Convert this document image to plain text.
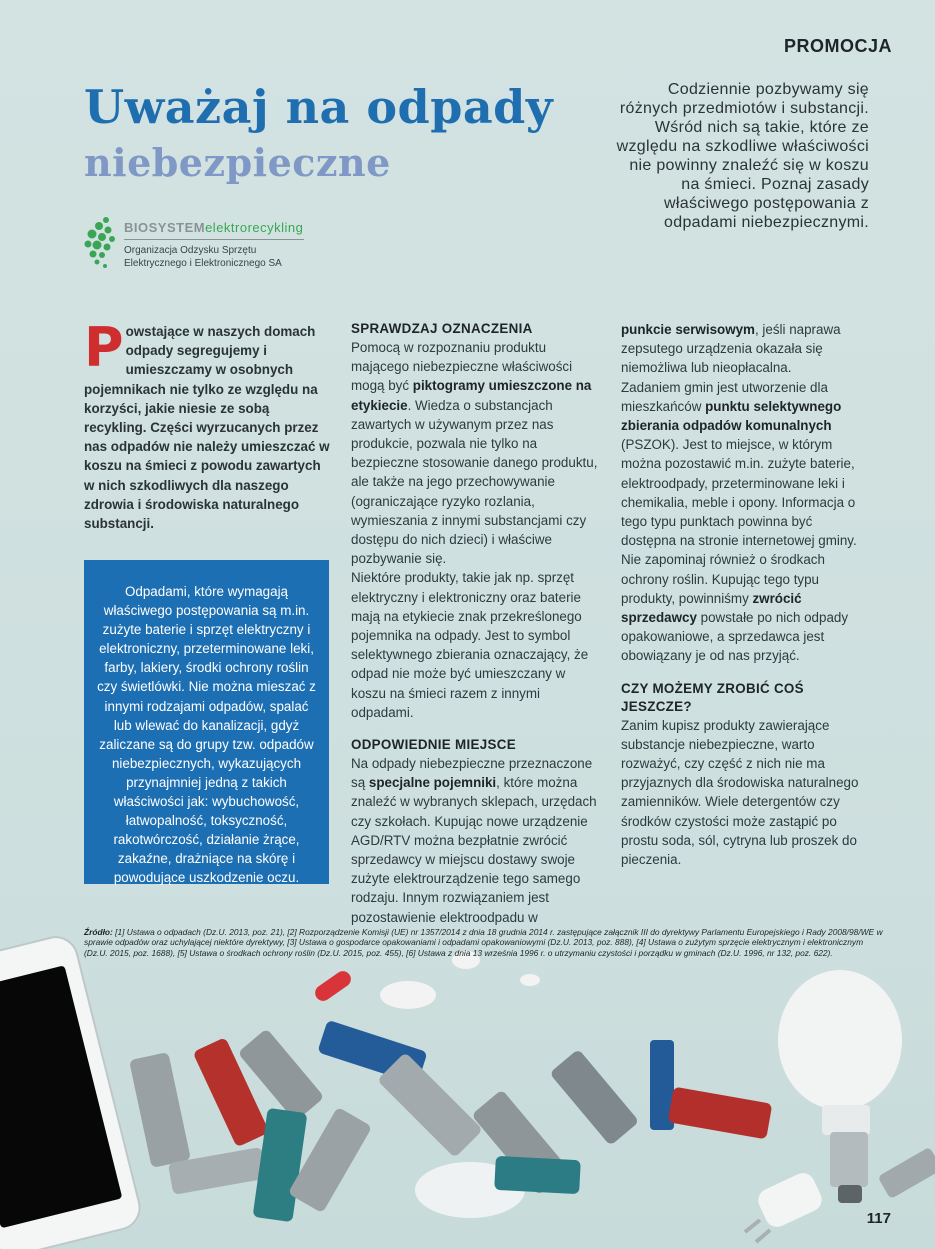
PROMOCJA
Uważaj na odpady
niebezpieczne
BIOSYSTEMelektrorecykling
Organizacja Odzysku Sprzętu
Elektrycznego i Elektronicznego SA

Codziennie pozbywamy się różnych przedmiotów i substancji. Wśród nich są takie, które ze względu na szkodliwe właściwości nie powinny znaleźć się w koszu na śmieci. Poznaj zasady właściwego postępowania z odpadami niebezpiecznymi.

Powstające w naszych domach odpady segregujemy i umieszczamy w osobnych pojemnikach nie tylko ze względu na korzyści, jakie niesie ze sobą recykling. Części wyrzucanych przez nas odpadów nie należy umieszczać w koszu na śmieci z powodu zawartych w nich szkodliwych dla naszego zdrowia i środowiska naturalnego substancji.

Odpadami, które wymagają właściwego postępowania są m.in. zużyte baterie i sprzęt elektryczny i elektroniczny, przeterminowane leki, farby, lakiery, środki ochrony roślin czy świetlówki. Nie można mieszać z innymi rodzajami odpadów, spalać lub wlewać do kanalizacji, gdyż zaliczane są do grupy tzw. odpadów niebezpiecznych, wykazujących przynajmniej jedną z takich właściwości jak: wybuchowość, łatwopalność, toksyczność, rakotwórczość, działanie żrące, zakaźne, drażniące na skórę i powodujące uszkodzenie oczu.

SPRAWDZAJ OZNACZENIA

Pomocą w rozpoznaniu produktu mającego niebezpieczne właściwości mogą być piktogramy umieszczone na etykiecie. Wiedza o substancjach zawartych w używanym przez nas produkcie, pozwala nie tylko na bezpieczne stosowanie danego produktu, ale także na jego przechowywanie (ograniczające ryzyko rozlania, wymieszania z innymi substancjami czy dostępu do nich dzieci) i właściwe pozbywanie się.

Niektóre produkty, takie jak np. sprzęt elektryczny i elektroniczny oraz baterie mają na etykiecie znak przekreślonego pojemnika na odpady. Jest to symbol selektywnego zbierania oznaczający, że odpad nie może być umieszczany w koszu na śmieci razem z innymi odpadami.

ODPOWIEDNIE MIEJSCE

Na odpady niebezpieczne przeznaczone są specjalne pojemniki, które można znaleźć w wybranych sklepach, urzędach czy szkołach. Kupując nowe urządzenie AGD/RTV można bezpłatnie zwrócić sprzedawcy w miejscu dostawy swoje zużyte elektrourządzenie tego samego rodzaju. Innym rozwiązaniem jest pozostawienie elektroodpadu w

punkcie serwisowym, jeśli naprawa zepsutego urządzenia okazała się niemożliwa lub nieopłacalna.

Zadaniem gmin jest utworzenie dla mieszkańców punktu selektywnego zbierania odpadów komunalnych (PSZOK). Jest to miejsce, w którym można pozostawić m.in. zużyte baterie, elektroodpady, przeterminowane leki i chemikalia, meble i opony. Informacja o tego typu punktach powinna być dostępna na stronie internetowej gminy. Nie zapominaj również o środkach ochrony roślin. Kupując tego typu produkty, powinniśmy zwrócić sprzedawcy powstałe po nich odpady opakowaniowe, a sprzedawca jest obowiązany je od nas przyjąć.

CZY MOŻEMY ZROBIĆ COŚ JESZCZE?

Zanim kupisz produkty zawierające substancje niebezpieczne, warto rozważyć, czy część z nich nie ma przyjaznych dla środowiska naturalnego zamienników. Wiele detergentów czy środków czystości może zastąpić po prostu soda, sól, cytryna lub proszek do pieczenia.

Źródło: [1] Ustawa o odpadach (Dz.U. 2013, poz. 21), [2] Rozporządzenie Komisji (UE) nr 1357/2014 z dnia 18 grudnia 2014 r. zastępujące załącznik III do dyrektywy Parlamentu Europejskiego i Rady 2008/98/WE w sprawie odpadów oraz uchylającej niektóre dyrektywy, [3] Ustawa o gospodarce opakowaniami i odpadami opakowaniowymi (Dz.U. 2013, poz. 888), [4] Ustawa o zużytym sprzęcie elektrycznym i elektronicznym (Dz.U. 2015, poz. 1688), [5] Ustawa o środkach ochrony roślin (Dz.U. 2015, poz. 455), [6] Ustawa z dnia 13 września 1996 r. o utrzymaniu czystości i porządku w gminach (Dz.U. 1996, nr 132, poz. 622).

117
